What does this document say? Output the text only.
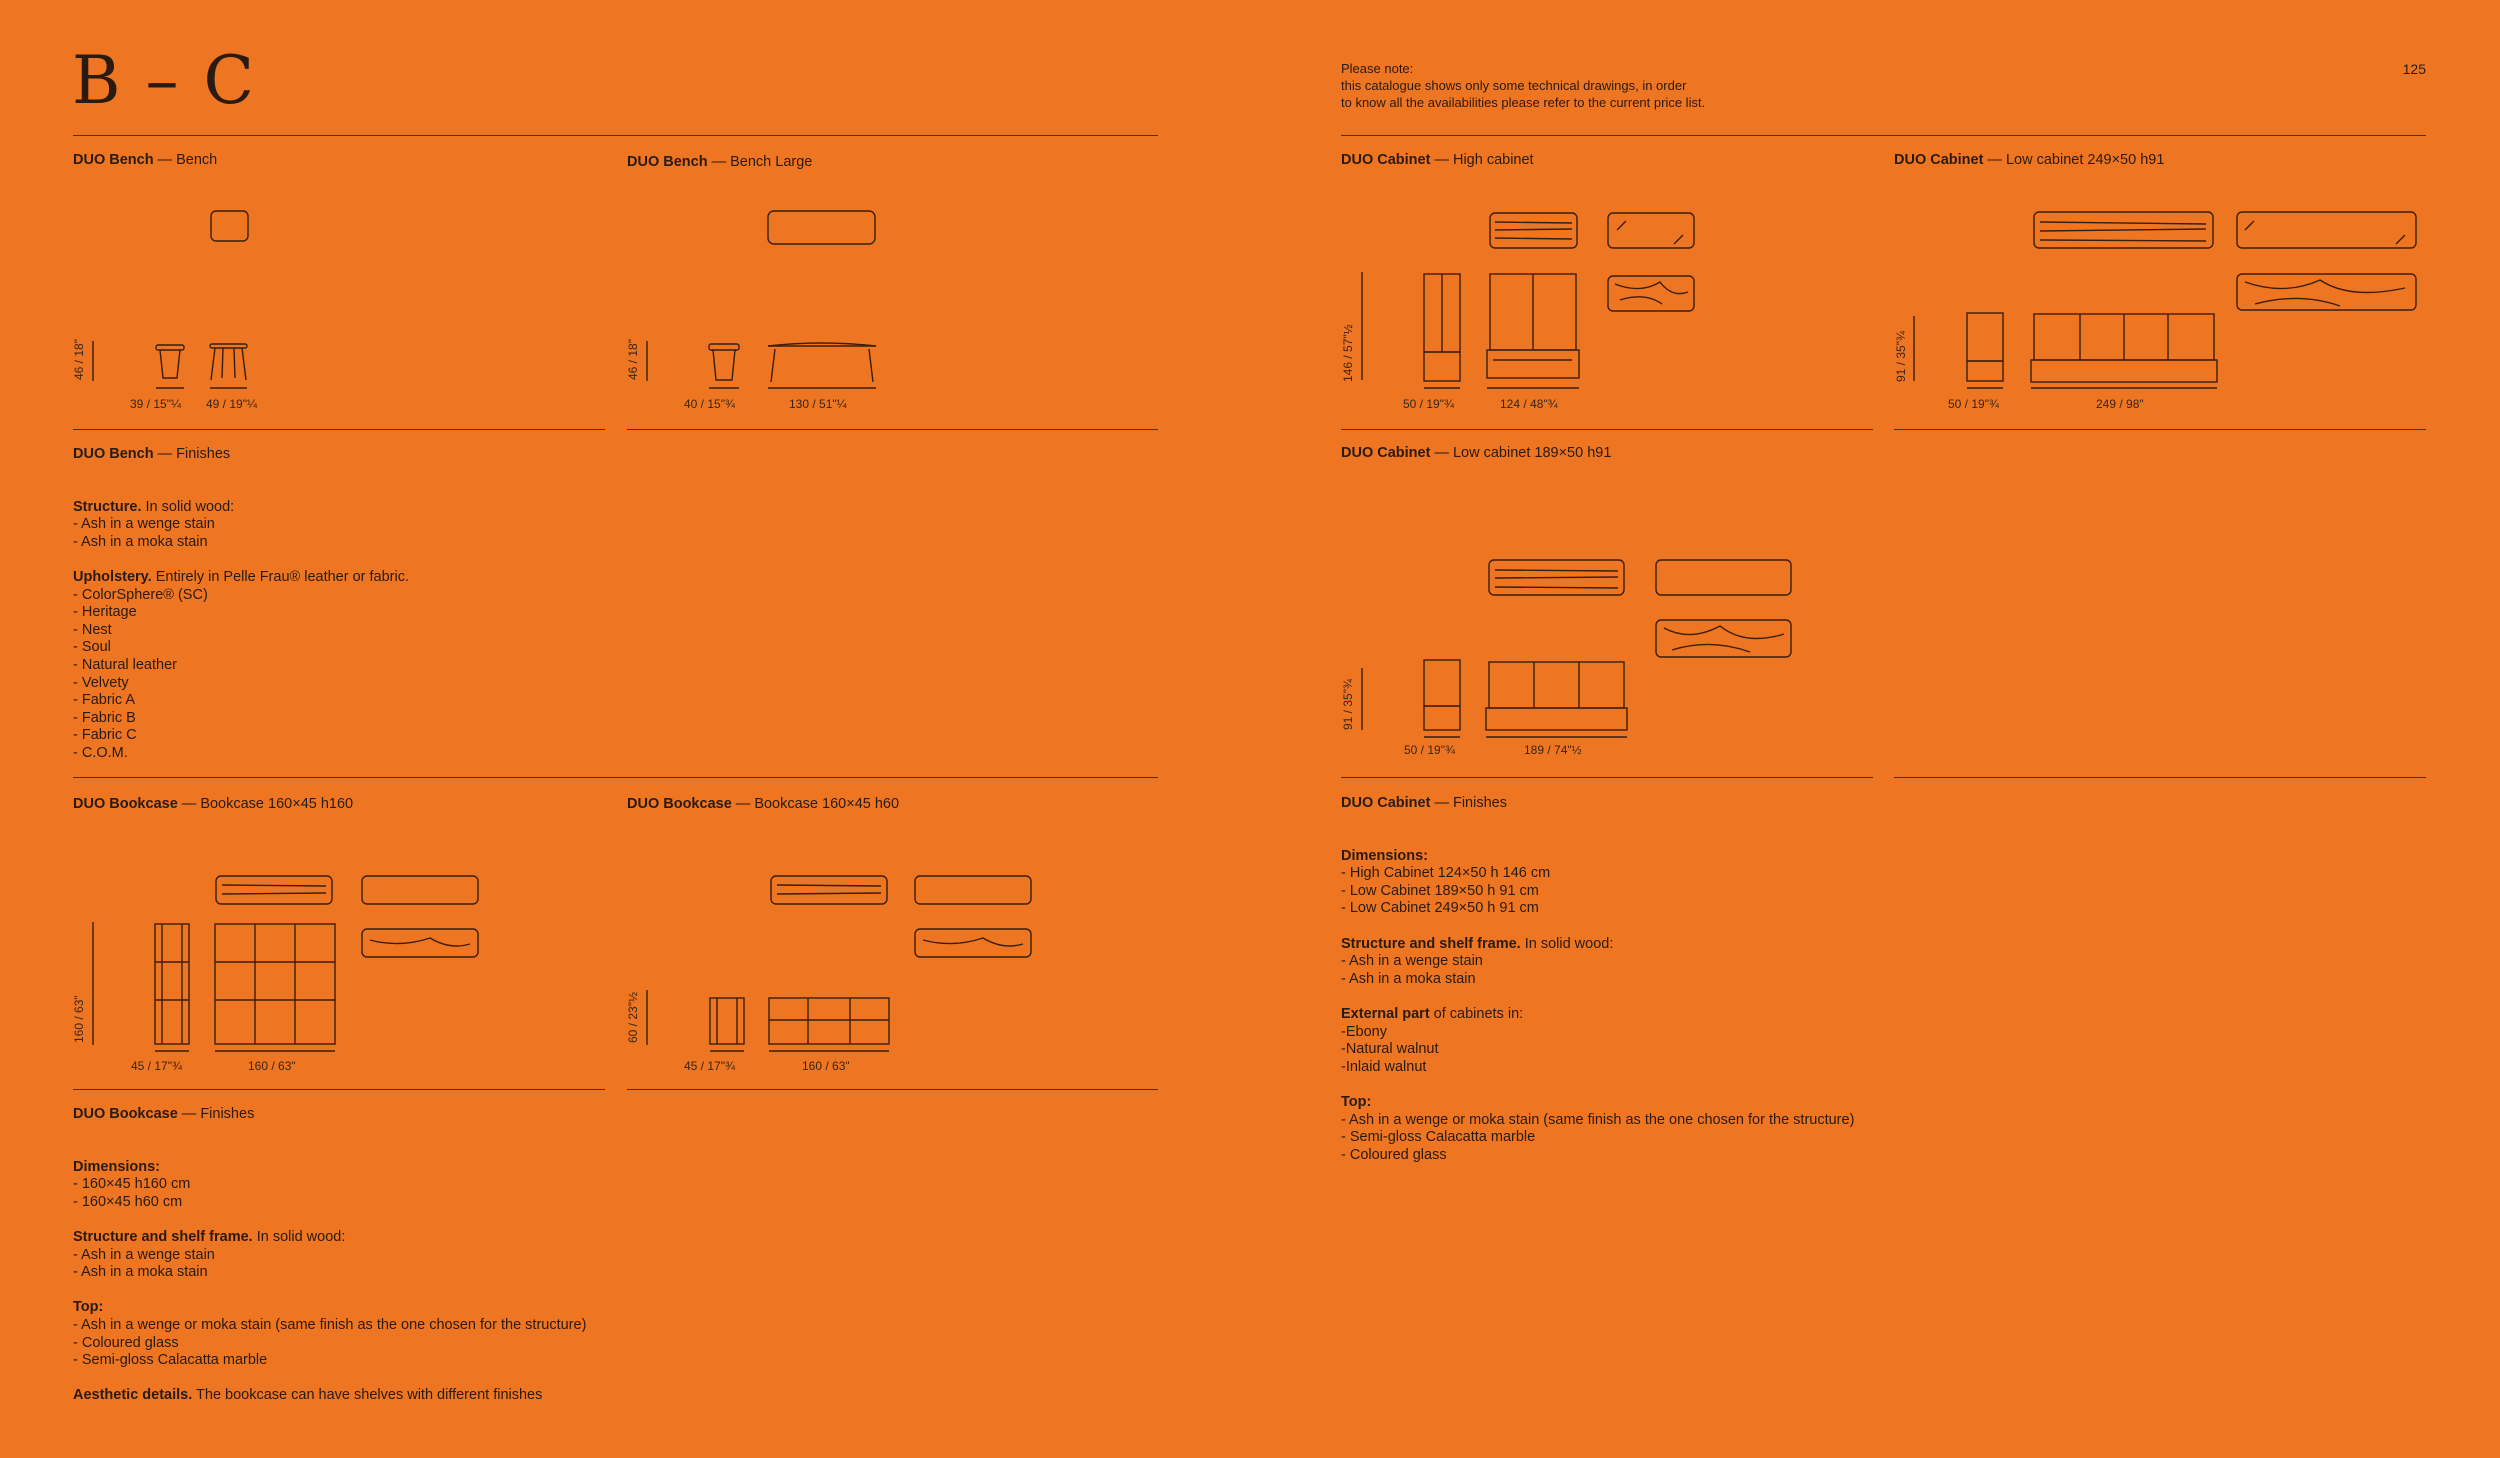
B – C	Please note:
this catalogue shows only some technical drawings, in order
to know all the availabilities please refer to the current price list.
125
DUO Bench — Bench
46 / 18"
39 / 15"¼ 49 / 19"¼
DUO Bench — Bench Large
46 / 18"
40 / 15"¾	130 / 51"¼
DUO Cabinet — High cabinet
146 / 57"½
50 / 19"¾	124 / 48"¾
DUO Cabinet — Low cabinet 249×50 h91
91 / 35"¾
50 / 19"¾	249 / 98"
DUO Cabinet — Low cabinet 189×50 h91
91 / 35"¾
50 / 19"¾	189 / 74"½
DUO Bookcase — Bookcase 160×45 h160
160 / 63"
45 / 17"¾	160 / 63"
DUO Bookcase — Bookcase 160×45 h60
60 / 23"½
45 / 17"¾	160 / 63"
DUO Bench — Finishes

Structure. In solid wood:

- Ash in a wenge stain
- Ash in a moka stain
Upholstery. Entirely in Pelle Frau® leather or fabric.

- ColorSphere® (SC)
- Heritage
- Nest
- Soul
- Natural leather
- Velvety
- Fabric A
- Fabric B
- Fabric C
- C.O.M.

DUO Bookcase — Finishes

Dimensions:

- 160×45 h160 cm
- 160×45 h60 cm
Structure and shelf frame. In solid wood:

- Ash in a wenge stain
- Ash in a moka stain
Top:

- Ash in a wenge or moka stain (same finish as the one chosen for the structure)
- Coloured glass
- Semi-gloss Calacatta marble
Aesthetic details. The bookcase can have shelves with different finishes

DUO Cabinet — Finishes

Dimensions:

- High Cabinet 124×50 h 146 cm
- Low Cabinet 189×50 h 91 cm
- Low Cabinet 249×50 h 91 cm
Structure and shelf frame. In solid wood:

- Ash in a wenge stain
- Ash in a moka stain
External part of cabinets in:

-Ebony
-Natural walnut
-Inlaid walnut
Top:

- Ash in a wenge or moka stain (same finish as the one chosen for the structure)
- Semi-gloss Calacatta marble
- Coloured glass
